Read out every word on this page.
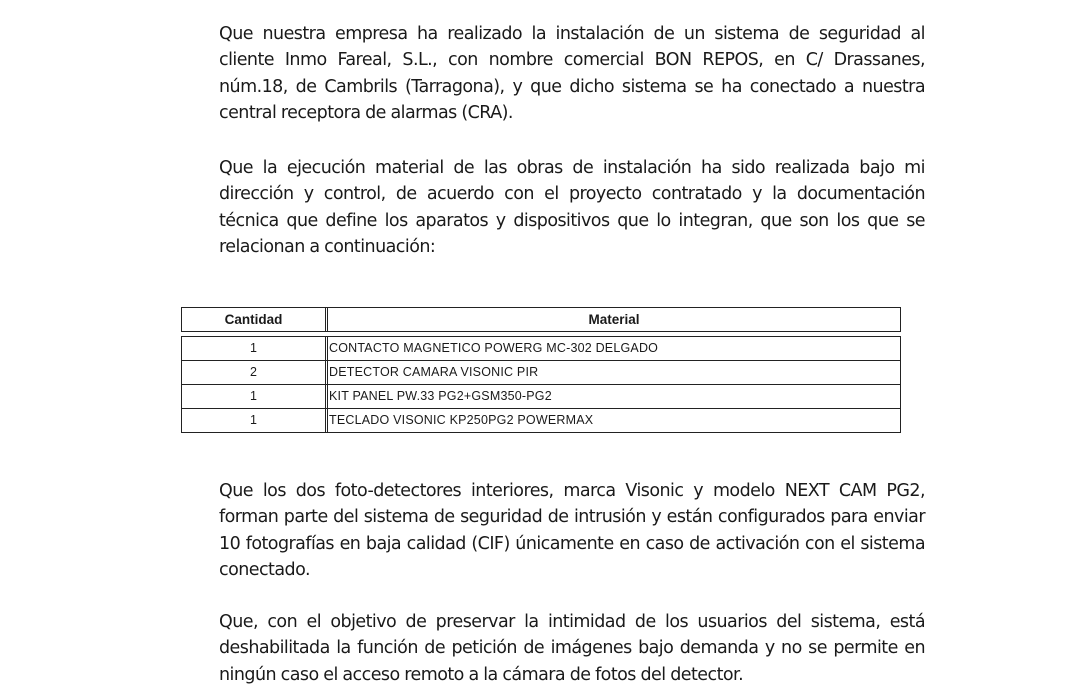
Que nuestra empresa ha realizado la instalación de un sistema de seguridad al cliente Inmo Fareal, S.L., con nombre comercial BON REPOS, en C/ Drassanes, núm.18, de Cambrils (Tarragona), y que dicho sistema se ha conectado a nuestra central receptora de alarmas (CRA).

Que la ejecución material de las obras de instalación ha sido realizada bajo mi dirección y control, de acuerdo con el proyecto contratado y la documentación técnica que define los aparatos y dispositivos que lo integran, que son los que se relacionan a continuación:

Cantidad	Material
1	CONTACTO MAGNETICO POWERG MC-302 DELGADO
2	DETECTOR CAMARA VISONIC PIR
1	KIT PANEL PW.33 PG2+GSM350-PG2
1	TECLADO VISONIC KP250PG2 POWERMAX

Que los dos foto-detectores interiores, marca Visonic y modelo NEXT CAM PG2, forman parte del sistema de seguridad de intrusión y están configurados para enviar 10 fotografías en baja calidad (CIF) únicamente en caso de activación con el sistema conectado.

Que, con el objetivo de preservar la intimidad de los usuarios del sistema, está deshabilitada la función de petición de imágenes bajo demanda y no se permite en ningún caso el acceso remoto a la cámara de fotos del detector.
